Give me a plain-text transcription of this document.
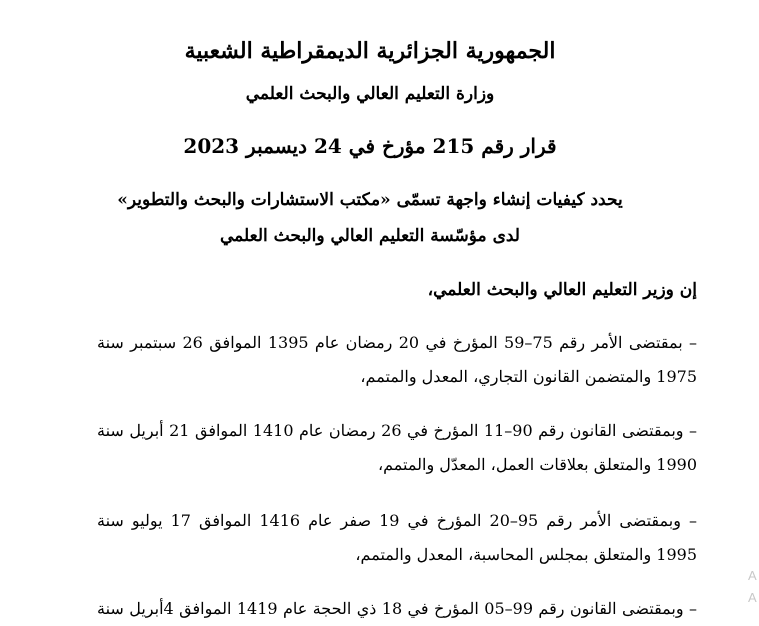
الجمهورية الجزائرية الديمقراطية الشعبية
وزارة التعليم العالي والبحث العلمي
قرار رقم 215 مؤرخ في 24 ديسمبر 2023
يحدد كيفيات إنشاء واجهة تسمّى «مكتب الاستشارات والبحث والتطوير»
لدى مؤسّسة التعليم العالي والبحث العلمي
إن وزير التعليم العالي والبحث العلمي،
– بمقتضى الأمر رقم 75–59 المؤرخ في 20 رمضان عام 1395 الموافق 26 سبتمبر سنة
1975 والمتضمن القانون التجاري، المعدل والمتمم،
– وبمقتضى القانون رقم 90–11 المؤرخ في 26 رمضان عام 1410 الموافق 21 أبريل سنة
1990 والمتعلق بعلاقات العمل، المعدّل والمتمم،
– وبمقتضى الأمر رقم 95–20 المؤرخ في 19 صفر عام 1416 الموافق 17 يوليو سنة
1995 والمتعلق بمجلس المحاسبة، المعدل والمتمم،
– وبمقتضى القانون رقم 99–05 المؤرخ في 18 ذي الحجة عام 1419 الموافق 4أبريل سنة
A
A
